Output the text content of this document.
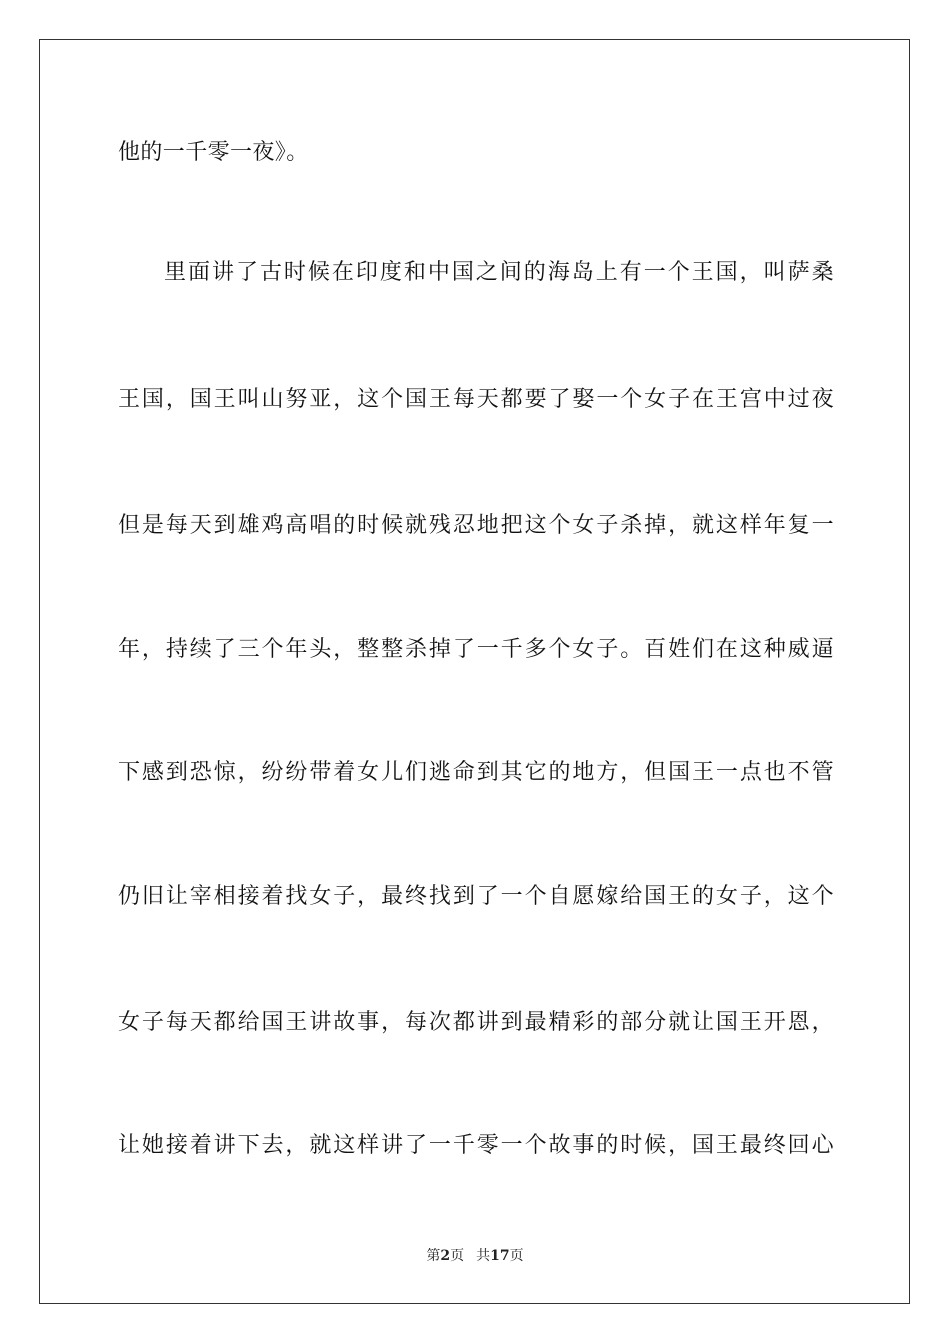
他的一千零一夜》。
里面讲了古时候在印度和中国之间的海岛上有一个王国，叫萨桑
王国，国王叫山努亚，这个国王每天都要了娶一个女子在王宫中过夜
但是每天到雄鸡高唱的时候就残忍地把这个女子杀掉，就这样年复一
年，持续了三个年头，整整杀掉了一千多个女子。百姓们在这种威逼
下感到恐惊，纷纷带着女儿们逃命到其它的地方，但国王一点也不管
仍旧让宰相接着找女子，最终找到了一个自愿嫁给国王的女子，这个
女子每天都给国王讲故事，每次都讲到最精彩的部分就让国王开恩，
让她接着讲下去，就这样讲了一千零一个故事的时候，国王最终回心
第2页 共17页
